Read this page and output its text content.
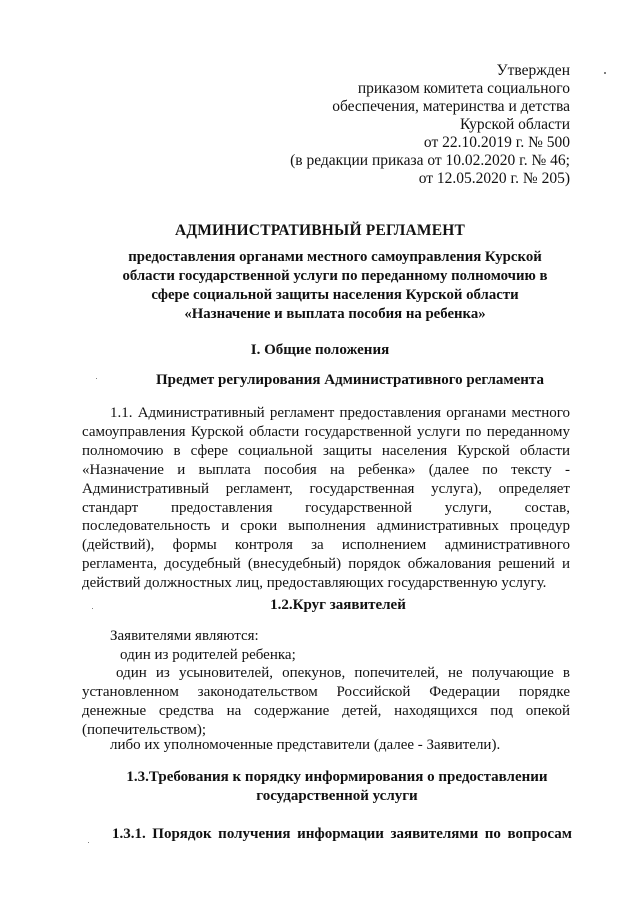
Утвержден
приказом комитета социального
обеспечения, материнства и детства
Курской области
от 22.10.2019 г. № 500
(в редакции приказа от 10.02.2020 г. № 46;
от 12.05.2020 г. № 205)
АДМИНИСТРАТИВНЫЙ РЕГЛАМЕНТ
предоставления органами местного самоуправления Курской области государственной услуги по переданному полномочию в сфере социальной защиты населения Курской области «Назначение и выплата пособия на ребенка»
I. Общие положения
Предмет регулирования Административного регламента
1.1. Административный регламент предоставления органами местного самоуправления Курской области государственной услуги по переданному полномочию в сфере социальной защиты населения Курской области «Назначение и выплата пособия на ребенка» (далее по тексту - Административный регламент, государственная услуга), определяет стандарт предоставления государственной услуги, состав, последовательность и сроки выполнения административных процедур (действий), формы контроля за исполнением административного регламента, досудебный (внесудебный) порядок обжалования решений и действий должностных лиц, предоставляющих государственную услугу.
1.2.Круг заявителей
Заявителями являются:
один из родителей ребенка;
один из усыновителей, опекунов, попечителей, не получающие в установленном законодательством Российской Федерации порядке денежные средства на содержание детей, находящихся под опекой (попечительством);
либо их уполномоченные представители (далее - Заявители).
1.3.Требования к порядку информирования о предоставлении государственной услуги
1.3.1. Порядок получения информации заявителями по вопросам
